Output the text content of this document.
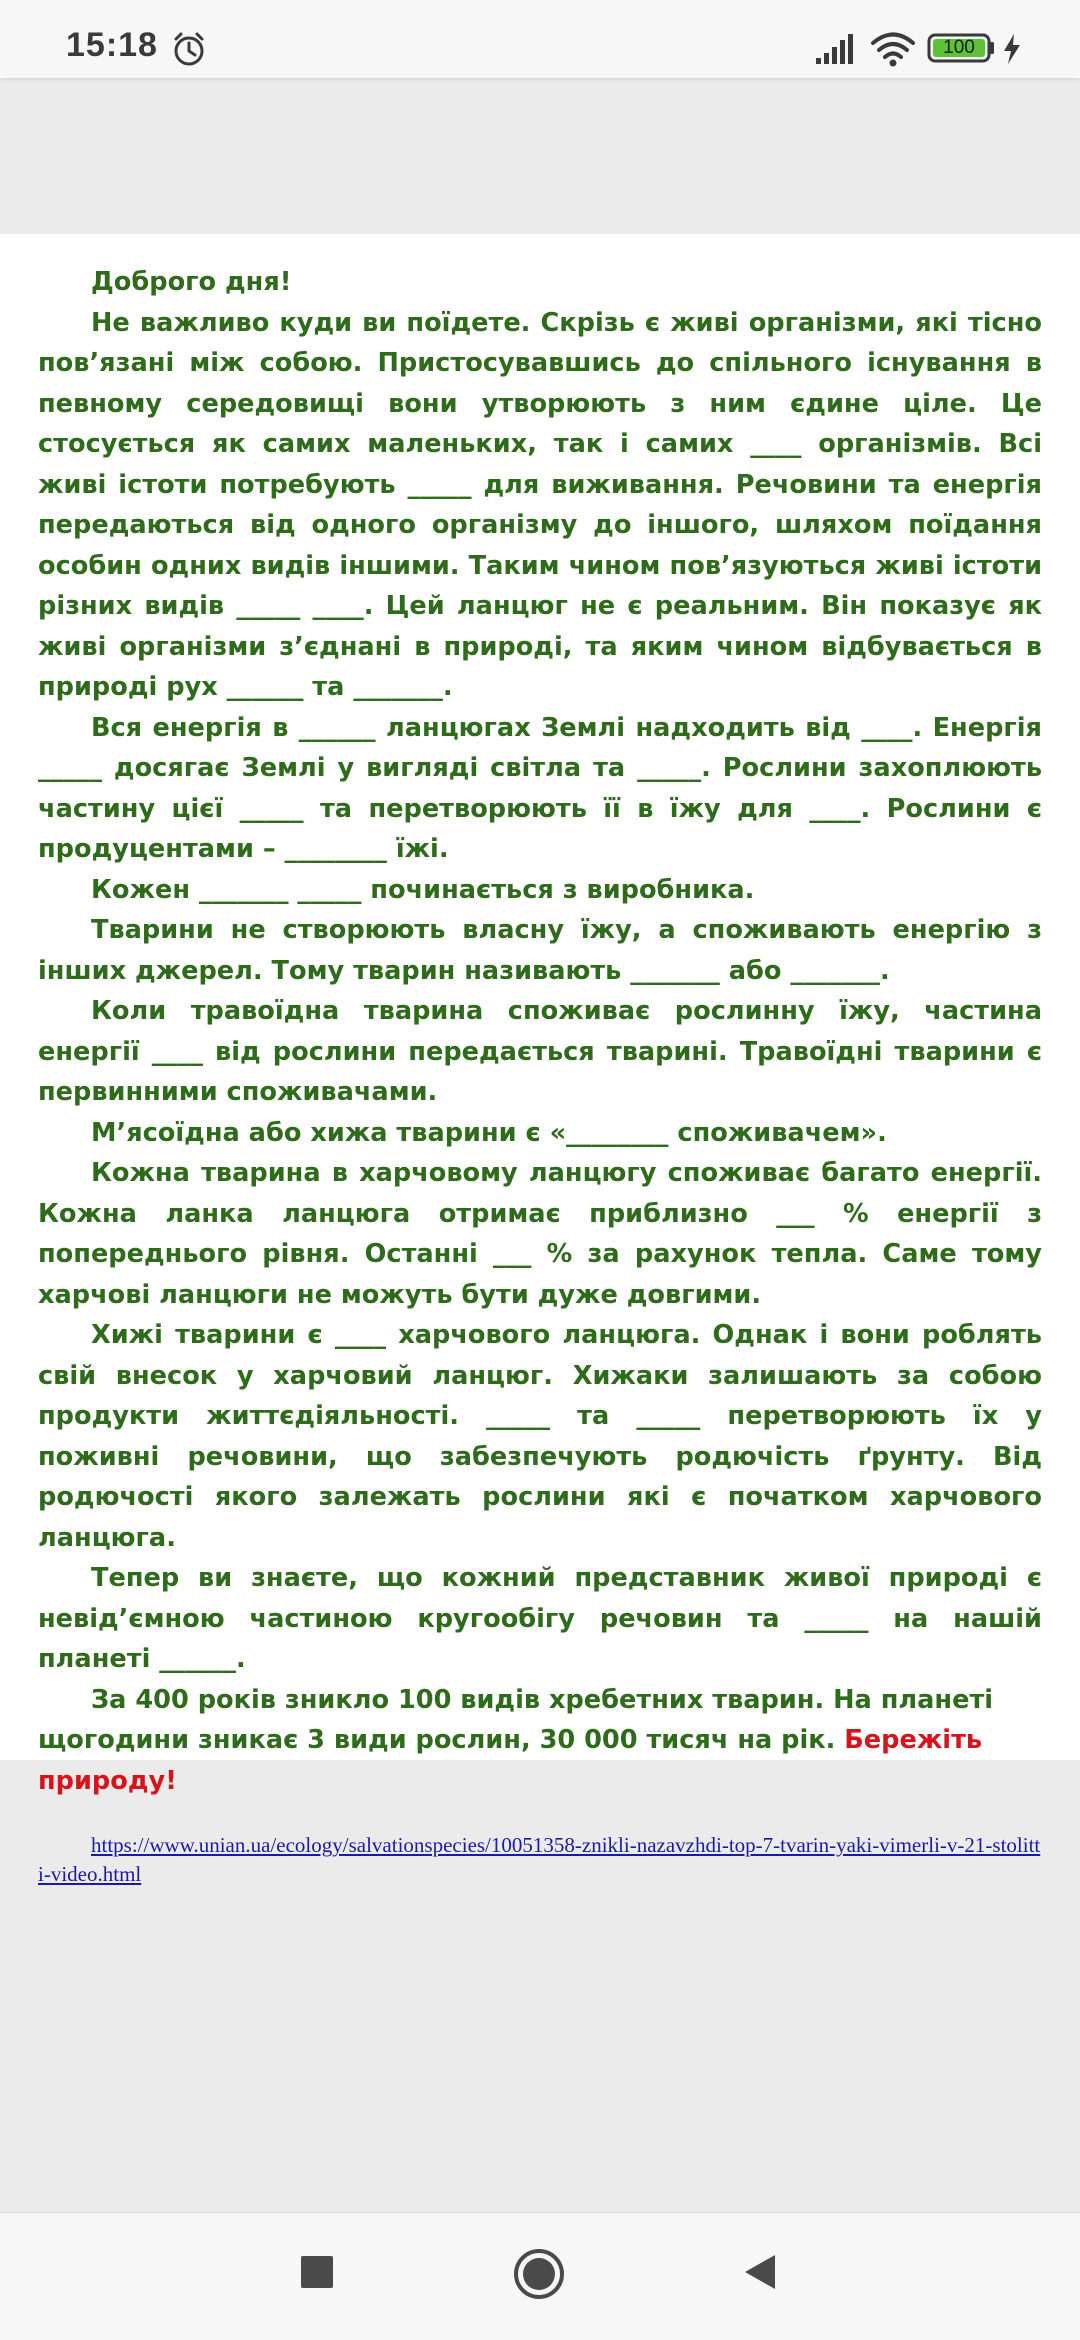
15:18	100

Доброго дня!

Не важливо куди ви поїдете. Скрізь є живі організми, які тісно пов’язані між собою. Пристосувавшись до спільного існування в певному середовищі вони утворюють з ним єдине ціле. Це стосується як самих маленьких, так і самих ____ організмів. Всі живі істоти потребують _____ для виживання. Речовини та енергія передаються від одного організму до іншого, шляхом поїдання особин одних видів іншими. Таким чином пов’язуються живі істоти різних видів _____ ____. Цей ланцюг не є реальним. Він показує як живі організми з’єднані в природі, та яким чином відбувається в природі рух ______ та _______.

Вся енергія в ______ ланцюгах Землі надходить від ____. Енергія _____ досягає Землі у вигляді світла та _____. Рослини захоплюють частину цієї _____ та перетворюють її в їжу для ____. Рослини є продуцентами – ________ їжі.

Кожен _______ _____ починається з виробника.

Тварини не створюють власну їжу, а споживають енергію з інших джерел. Тому тварин називають _______ або _______.

Коли травоїдна тварина споживає рослинну їжу, частина енергії ____ від рослини передається тварині. Травоїдні тварини є первинними споживачами.

М’ясоїдна або хижа тварини є «________ споживачем».

Кожна тварина в харчовому ланцюгу споживає багато енергії. Кожна ланка ланцюга отримає приблизно ___ % енергії з попереднього рівня. Останні ___ % за рахунок тепла. Саме тому харчові ланцюги не можуть бути дуже довгими.

Хижі тварини є ____ харчового ланцюга. Однак і вони роблять свій внесок у харчовий ланцюг. Хижаки залишають за собою продукти життєдіяльності. _____ та _____ перетворюють їх у поживні речовини, що забезпечують родючість ґрунту. Від родючості якого залежать рослини які є початком харчового ланцюга.

Тепер ви знаєте, що кожний представник живої природі є невід’ємною частиною кругообігу речовин та _____ на нашій планеті ______.

За 400 років зникло 100 видів хребетних тварин. На планеті щогодини зникає 3 види рослин, 30 000 тисяч на рік. Бережіть природу!

https://www.unian.ua/ecology/salvationspecies/10051358-znikli-nazavzhdi-top-7-tvarin-yaki-vimerli-v-21-stolitti-video.html
